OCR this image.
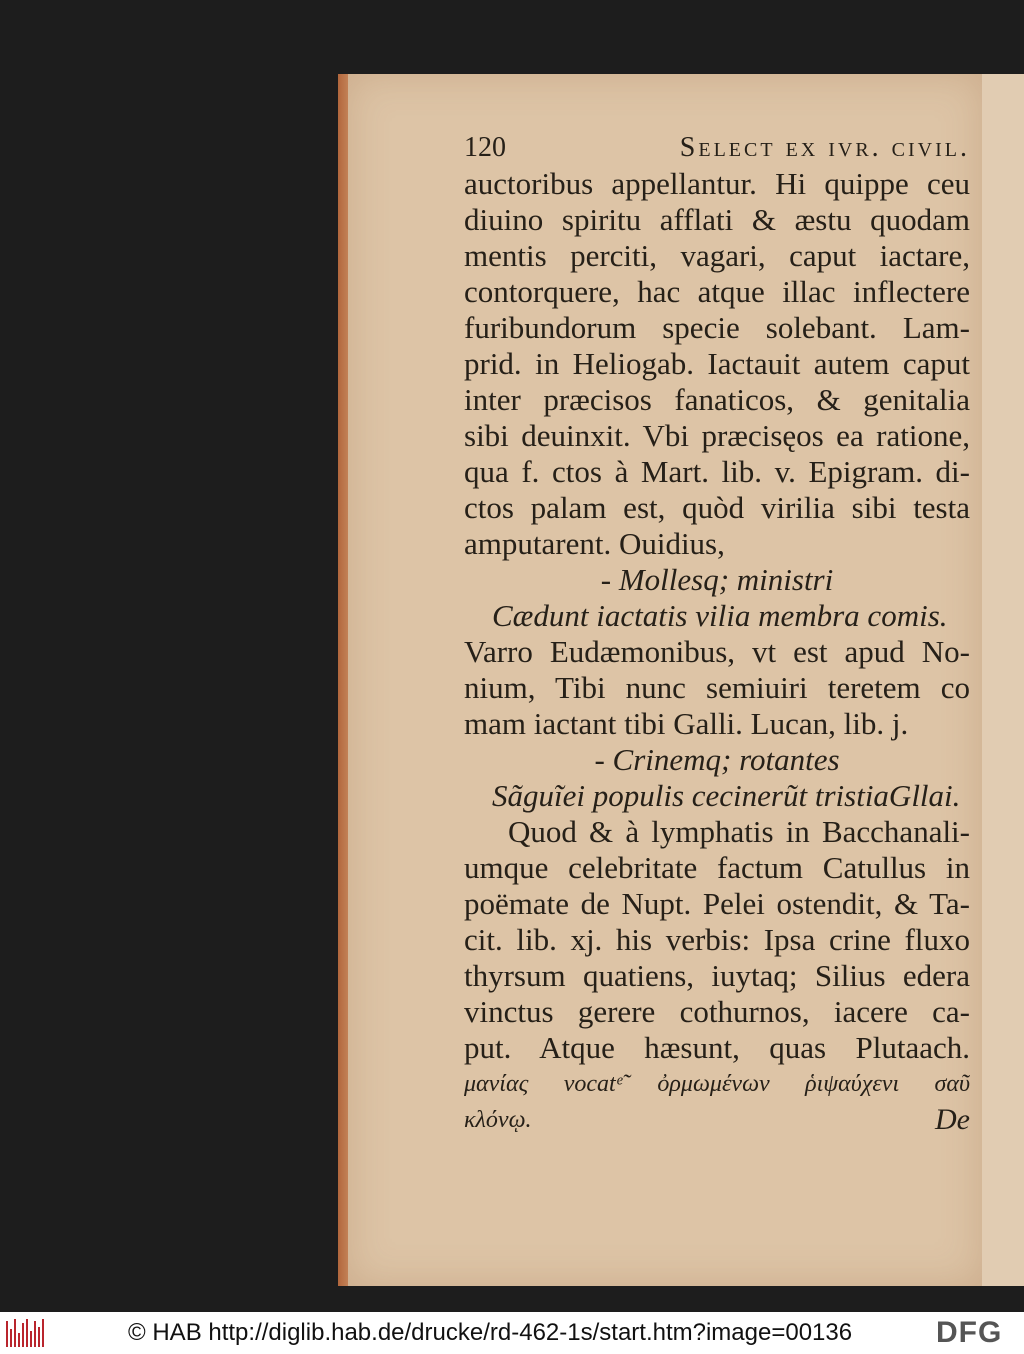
120	Select ex ivr. civil.
auctoribus appellantur. Hi quippe ceu
diuino spiritu afflati & æstu quodam
mentis perciti, vagari, caput iactare,
contorquere, hac atque illac inflectere
furibundorum specie solebant. Lam-
prid. in Heliogab. Iactauit autem caput
inter præcisos fanaticos, & genitalia
sibi deuinxit. Vbi præcisęos ea ratione,
qua f. ctos à Mart. lib. v. Epigram. di-
ctos palam est, quòd virilia sibi testa
amputarent. Ouidius,
- Mollesq; ministri
Cædunt iactatis vilia membra comis.
Varro Eudæmonibus, vt est apud No-
nium, Tibi nunc semiuiri teretem co
mam iactant tibi Galli. Lucan, lib. j.
- Crinemq; rotantes
Sãguĩei populis cecinerũt tristiaGllai.
Quod & à lymphatis in Bacchanali-
umque celebritate factum Catullus in
poëmate de Nupt. Pelei ostendit, & Ta-
cit. lib. xj. his verbis: Ipsa crine fluxo
thyrsum quatiens, iuytaq; Silius edera
vinctus gerere cothurnos, iacere ca-
put. Atque hæsunt, quas Plutaach.
μανίας vocatᵉ̃ ὀρμωμένων ῥιψαύχενι σαῦ
κλόνῳ.	De
© HAB http://diglib.hab.de/drucke/rd-462-1s/start.htm?image=00136	DFG
